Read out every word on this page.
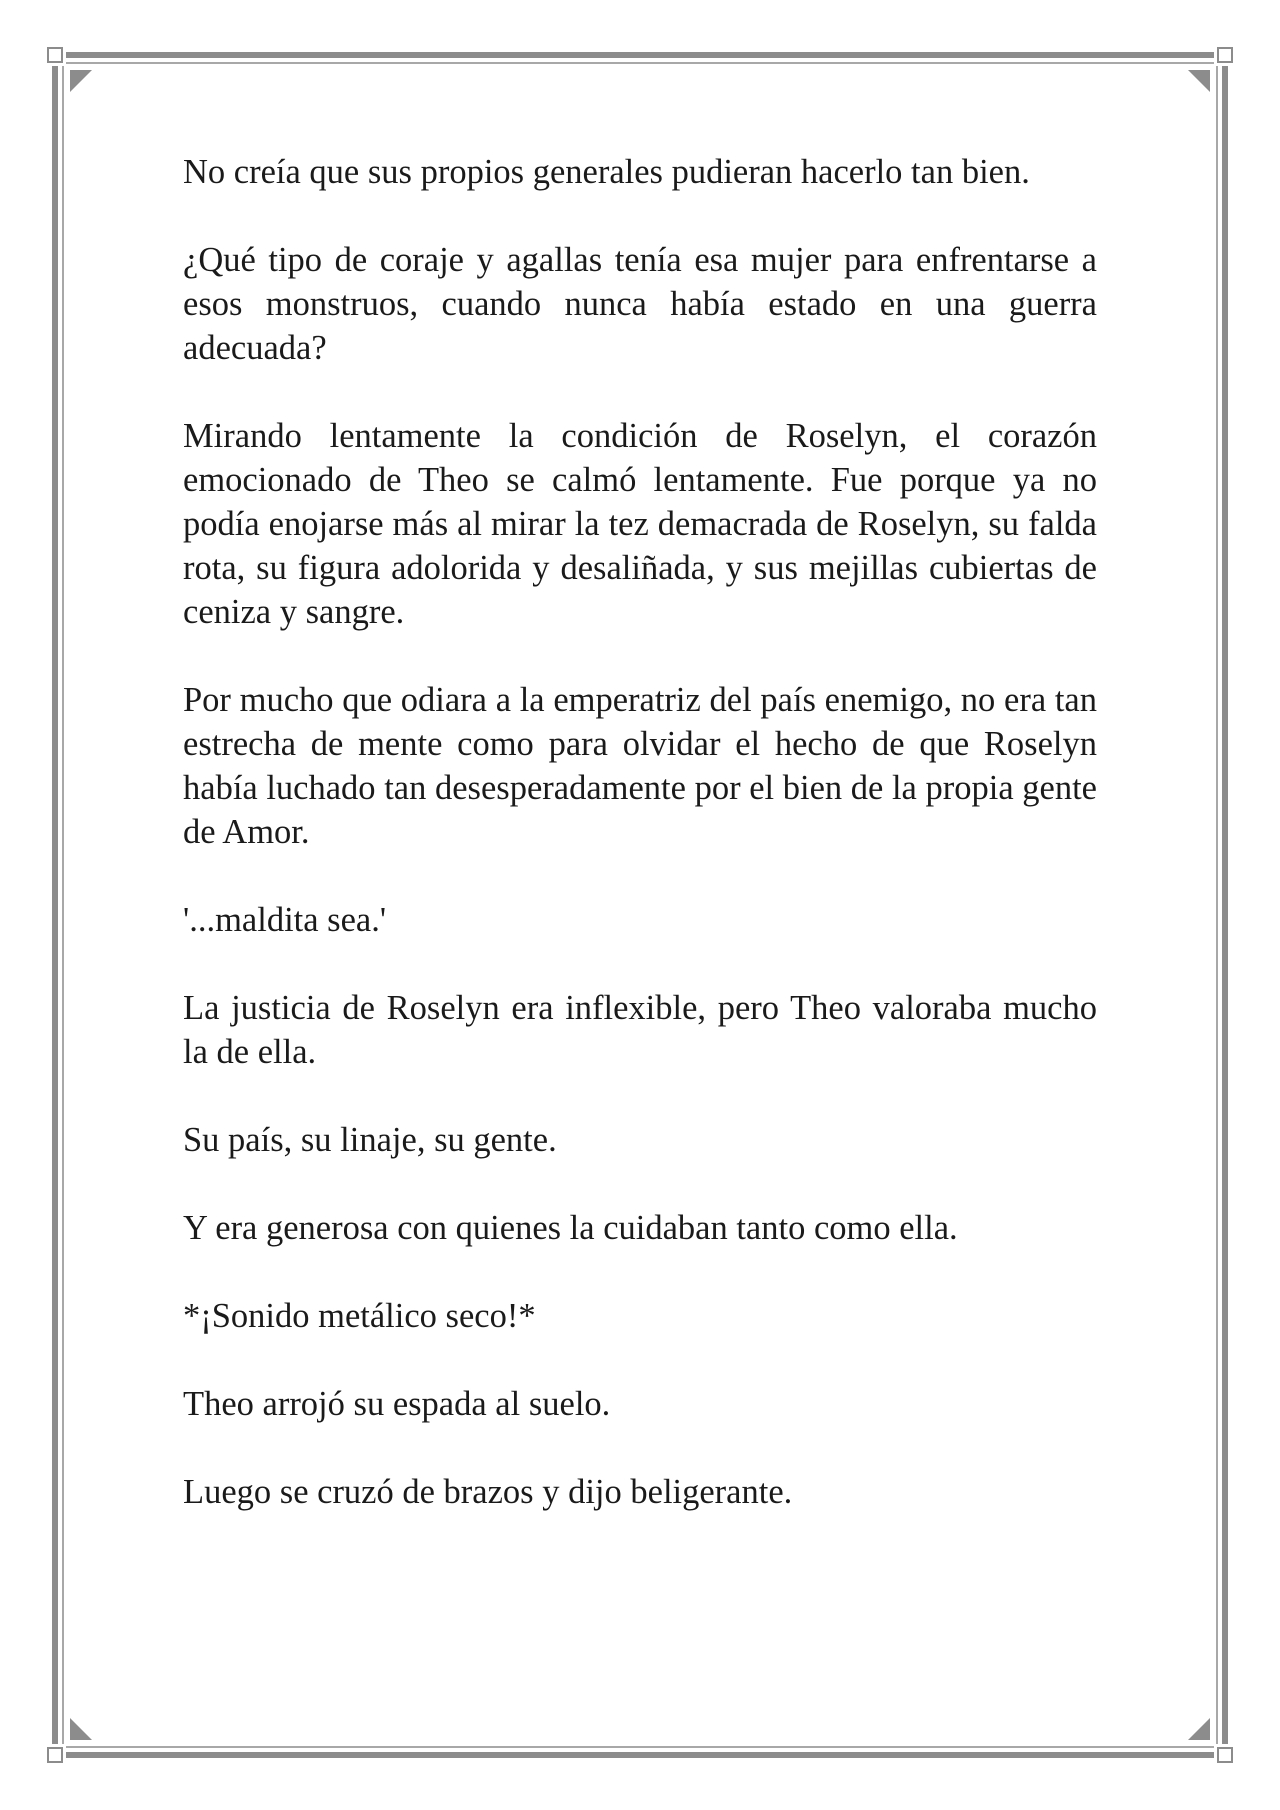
No creía que sus propios generales pudieran hacerlo tan bien.

¿Qué tipo de coraje y agallas tenía esa mujer para enfrentarse a esos monstruos, cuando nunca había estado en una guerra adecuada?

Mirando lentamente la condición de Roselyn, el corazón emocionado de Theo se calmó lentamente. Fue porque ya no podía enojarse más al mirar la tez demacrada de Roselyn, su falda rota, su figura adolorida y desaliñada, y sus mejillas cubiertas de ceniza y sangre.

Por mucho que odiara a la emperatriz del país enemigo, no era tan estrecha de mente como para olvidar el hecho de que Roselyn había luchado tan desesperadamente por el bien de la propia gente de Amor.

'...maldita sea.'

La justicia de Roselyn era inflexible, pero Theo valoraba mucho la de ella.

Su país, su linaje, su gente.

Y era generosa con quienes la cuidaban tanto como ella.

*¡Sonido metálico seco!*

Theo arrojó su espada al suelo.

Luego se cruzó de brazos y dijo beligerante.
